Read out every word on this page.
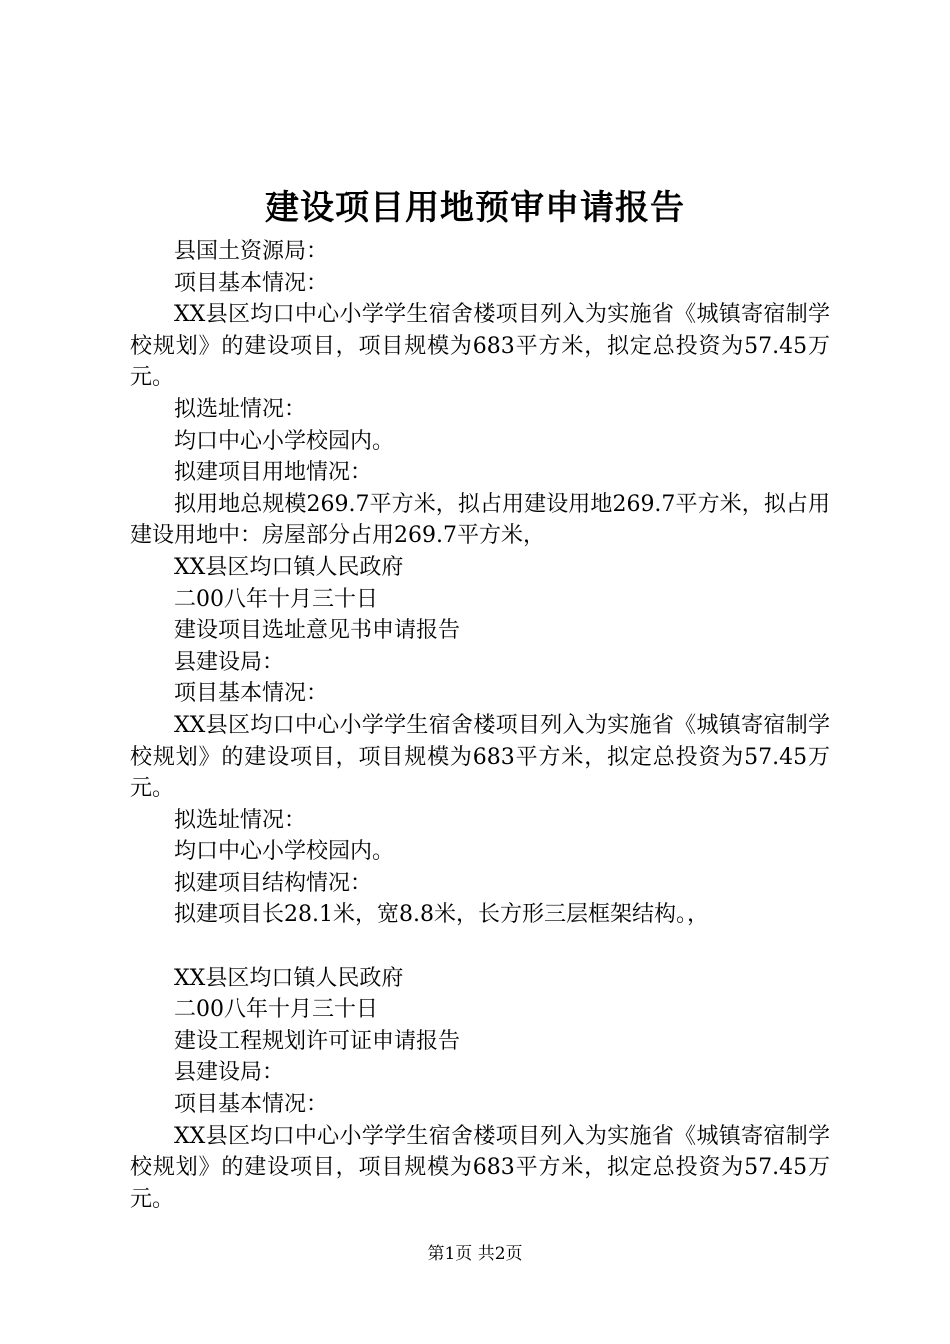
建设项目用地预审申请报告

县国土资源局：

项目基本情况：

XX县区均口中心小学学生宿舍楼项目列入为实施省《城镇寄宿制学校规划》的建设项目，项目规模为683平方米，拟定总投资为57.45万元。

拟选址情况：

均口中心小学校园内。

拟建项目用地情况：

拟用地总规模269.7平方米，拟占用建设用地269.7平方米，拟占用建设用地中：房屋部分占用269.7平方米，

XX县区均口镇人民政府

二00八年十月三十日

建设项目选址意见书申请报告

县建设局：

项目基本情况：

XX县区均口中心小学学生宿舍楼项目列入为实施省《城镇寄宿制学校规划》的建设项目，项目规模为683平方米，拟定总投资为57.45万元。

拟选址情况：

均口中心小学校园内。

拟建项目结构情况：

拟建项目长28.1米，宽8.8米，长方形三层框架结构。，

XX县区均口镇人民政府

二00八年十月三十日

建设工程规划许可证申请报告

县建设局：

项目基本情况：

XX县区均口中心小学学生宿舍楼项目列入为实施省《城镇寄宿制学校规划》的建设项目，项目规模为683平方米，拟定总投资为57.45万元。

第1页 共2页
